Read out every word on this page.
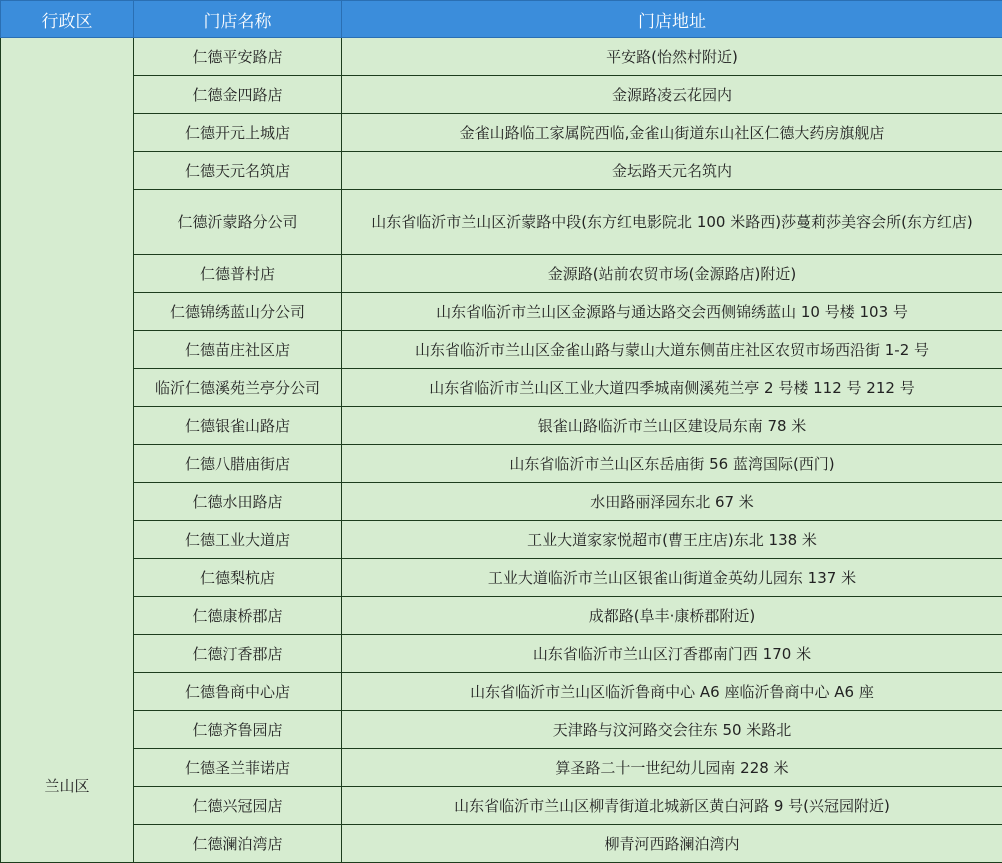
行政区	门店名称	门店地址

兰山区	仁德平安路店	平安路(怡然村附近)
	仁德金四路店	金源路凌云花园内
	仁德开元上城店	金雀山路临工家属院西临,金雀山街道东山社区仁德大药房旗舰店
	仁德天元名筑店	金坛路天元名筑内
	仁德沂蒙路分公司	山东省临沂市兰山区沂蒙路中段(东方红电影院北 100 米路西)莎蔓莉莎美容会所(东方红店)
	仁德普村店	金源路(站前农贸市场(金源路店)附近)
	仁德锦绣蓝山分公司	山东省临沂市兰山区金源路与通达路交会西侧锦绣蓝山 10 号楼 103 号
	仁德苗庄社区店	山东省临沂市兰山区金雀山路与蒙山大道东侧苗庄社区农贸市场西沿街 1-2 号
	临沂仁德溪苑兰亭分公司	山东省临沂市兰山区工业大道四季城南侧溪苑兰亭 2 号楼 112 号 212 号
	仁德银雀山路店	银雀山路临沂市兰山区建设局东南 78 米
	仁德八腊庙街店	山东省临沂市兰山区东岳庙街 56 蓝湾国际(西门)
	仁德水田路店	水田路丽泽园东北 67 米
	仁德工业大道店	工业大道家家悦超市(曹王庄店)东北 138 米
	仁德梨杭店	工业大道临沂市兰山区银雀山街道金英幼儿园东 137 米
	仁德康桥郡店	成都路(阜丰·康桥郡附近)
	仁德汀香郡店	山东省临沂市兰山区汀香郡南门西 170 米
	仁德鲁商中心店	山东省临沂市兰山区临沂鲁商中心 A6 座临沂鲁商中心 A6 座
	仁德齐鲁园店	天津路与汶河路交会往东 50 米路北
	仁德圣兰菲诺店	算圣路二十一世纪幼儿园南 228 米
	仁德兴冠园店	山东省临沂市兰山区柳青街道北城新区黄白河路 9 号(兴冠园附近)
	仁德澜泊湾店	柳青河西路澜泊湾内
